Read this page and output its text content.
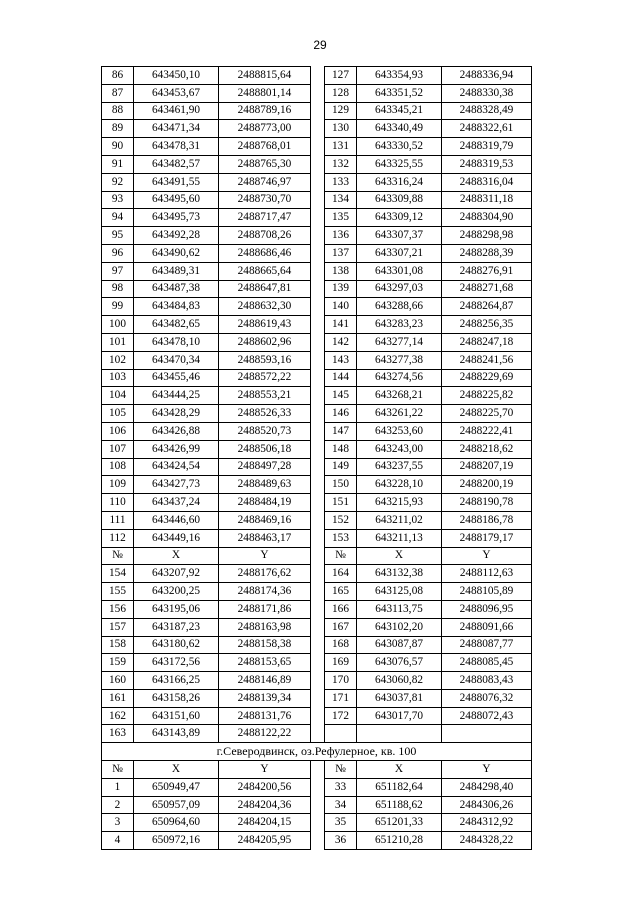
29
86	643450,10	2488815,64		127	643354,93	2488336,94
87	643453,67	2488801,14		128	643351,52	2488330,38
88	643461,90	2488789,16		129	643345,21	2488328,49
89	643471,34	2488773,00		130	643340,49	2488322,61
90	643478,31	2488768,01		131	643330,52	2488319,79
91	643482,57	2488765,30		132	643325,55	2488319,53
92	643491,55	2488746,97		133	643316,24	2488316,04
93	643495,60	2488730,70		134	643309,88	2488311,18
94	643495,73	2488717,47		135	643309,12	2488304,90
95	643492,28	2488708,26		136	643307,37	2488298,98
96	643490,62	2488686,46		137	643307,21	2488288,39
97	643489,31	2488665,64		138	643301,08	2488276,91
98	643487,38	2488647,81		139	643297,03	2488271,68
99	643484,83	2488632,30		140	643288,66	2488264,87
100	643482,65	2488619,43		141	643283,23	2488256,35
101	643478,10	2488602,96		142	643277,14	2488247,18
102	643470,34	2488593,16		143	643277,38	2488241,56
103	643455,46	2488572,22		144	643274,56	2488229,69
104	643444,25	2488553,21		145	643268,21	2488225,82
105	643428,29	2488526,33		146	643261,22	2488225,70
106	643426,88	2488520,73		147	643253,60	2488222,41
107	643426,99	2488506,18		148	643243,00	2488218,62
108	643424,54	2488497,28		149	643237,55	2488207,19
109	643427,73	2488489,63		150	643228,10	2488200,19
110	643437,24	2488484,19		151	643215,93	2488190,78
111	643446,60	2488469,16		152	643211,02	2488186,78
112	643449,16	2488463,17		153	643211,13	2488179,17
№	X	Y		№	X	Y
154	643207,92	2488176,62		164	643132,38	2488112,63
155	643200,25	2488174,36		165	643125,08	2488105,89
156	643195,06	2488171,86		166	643113,75	2488096,95
157	643187,23	2488163,98		167	643102,20	2488091,66
158	643180,62	2488158,38		168	643087,87	2488087,77
159	643172,56	2488153,65		169	643076,57	2488085,45
160	643166,25	2488146,89		170	643060,82	2488083,43
161	643158,26	2488139,34		171	643037,81	2488076,32
162	643151,60	2488131,76		172	643017,70	2488072,43
163	643143,89	2488122,22				
г.Северодвинск, оз.Рефулерное, кв. 100						
№	X	Y		№	X	Y
1	650949,47	2484200,56		33	651182,64	2484298,40
2	650957,09	2484204,36		34	651188,62	2484306,26
3	650964,60	2484204,15		35	651201,33	2484312,92
4	650972,16	2484205,95		36	651210,28	2484328,22
